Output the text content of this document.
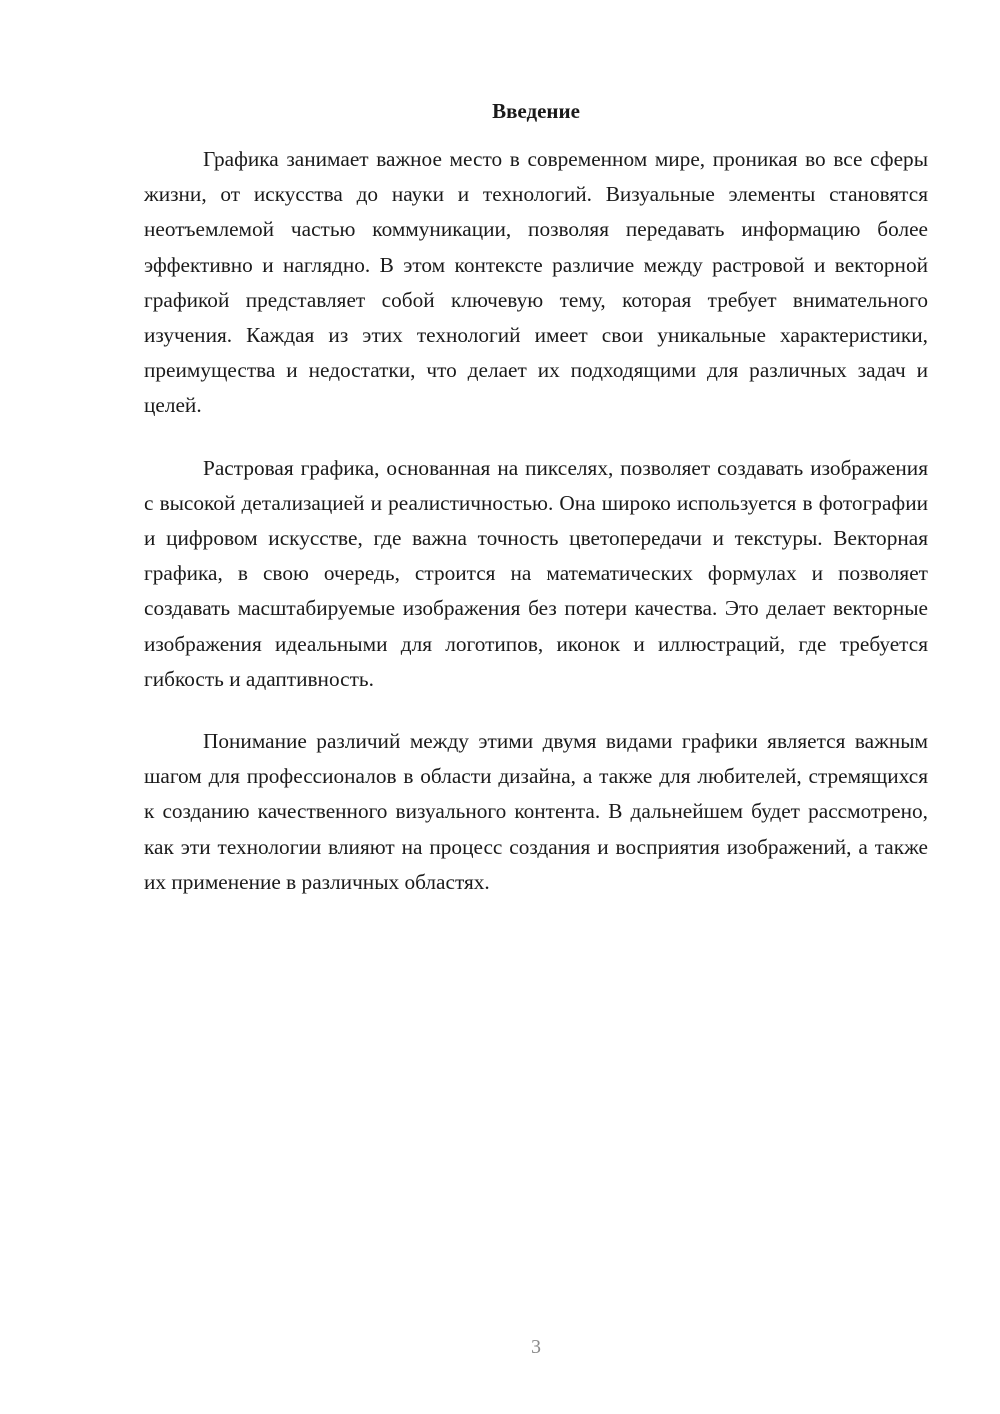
Введение

Графика занимает важное место в современном мире, проникая во все сферы жизни, от искусства до науки и технологий. Визуальные элементы становятся неотъемлемой частью коммуникации, позволяя передавать информацию более эффективно и наглядно. В этом контексте различие между растровой и векторной графикой представляет собой ключевую тему, которая требует внимательного изучения. Каждая из этих технологий имеет свои уникальные характеристики, преимущества и недостатки, что делает их подходящими для различных задач и целей.

Растровая графика, основанная на пикселях, позволяет создавать изображения с высокой детализацией и реалистичностью. Она широко используется в фотографии и цифровом искусстве, где важна точность цветопередачи и текстуры. Векторная графика, в свою очередь, строится на математических формулах и позволяет создавать масштабируемые изображения без потери качества. Это делает векторные изображения идеальными для логотипов, иконок и иллюстраций, где требуется гибкость и адаптивность.

Понимание различий между этими двумя видами графики является важным шагом для профессионалов в области дизайна, а также для любителей, стремящихся к созданию качественного визуального контента. В дальнейшем будет рассмотрено, как эти технологии влияют на процесс создания и восприятия изображений, а также их применение в различных областях.

3
